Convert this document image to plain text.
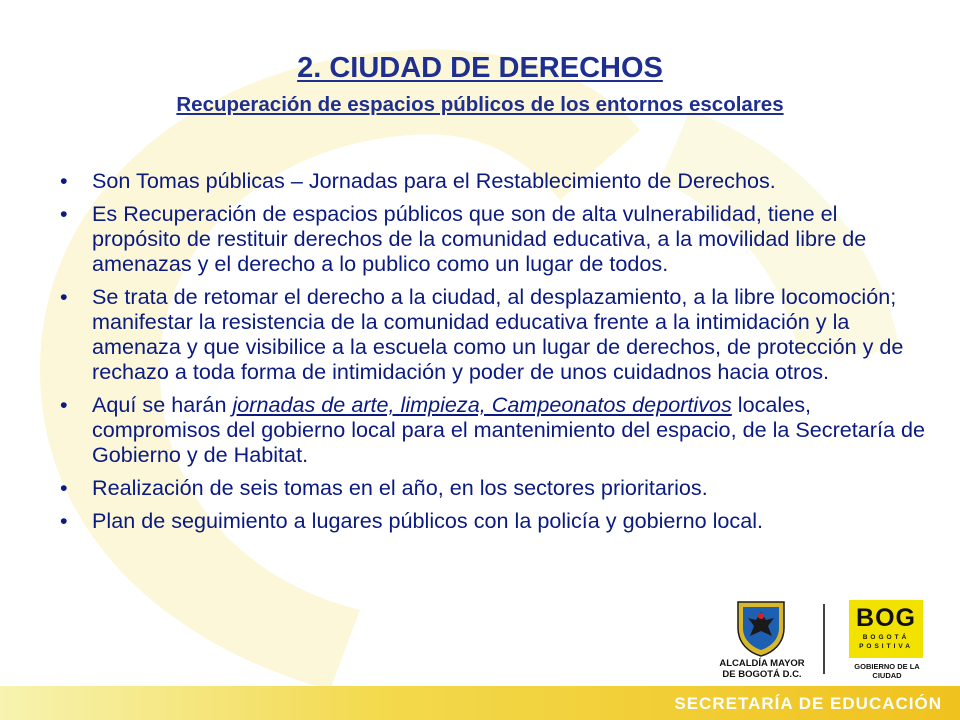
2. CIUDAD DE DERECHOS
Recuperación de espacios públicos de los entornos escolares
• Son Tomas públicas – Jornadas para el Restablecimiento de Derechos.
• Es Recuperación de espacios públicos que son de alta vulnerabilidad, tiene el propósito de restituir derechos de la comunidad educativa, a la movilidad libre de amenazas y el derecho a lo publico como un lugar de todos.
• Se trata de retomar el derecho a la ciudad, al desplazamiento, a la libre locomoción; manifestar la resistencia de la comunidad educativa frente a la intimidación y la amenaza y que visibilice a la escuela como un lugar de derechos, de protección y de rechazo a toda forma de intimidación y poder de unos cuidadnos hacia otros.
• Aquí se harán jornadas de arte, limpieza, Campeonatos deportivos locales, compromisos del gobierno local para el mantenimiento del espacio, de la Secretaría de Gobierno y de Habitat.
• Realización de seis tomas en el año, en los sectores prioritarios.
• Plan de seguimiento a lugares públicos con la policía y gobierno local.
ALCALDÍA MAYOR
DE BOGOTÁ D.C.
BOG
BOGOTÁ
POSITIVA
GOBIERNO DE LA CIUDAD
SECRETARÍA DE EDUCACIÓN
